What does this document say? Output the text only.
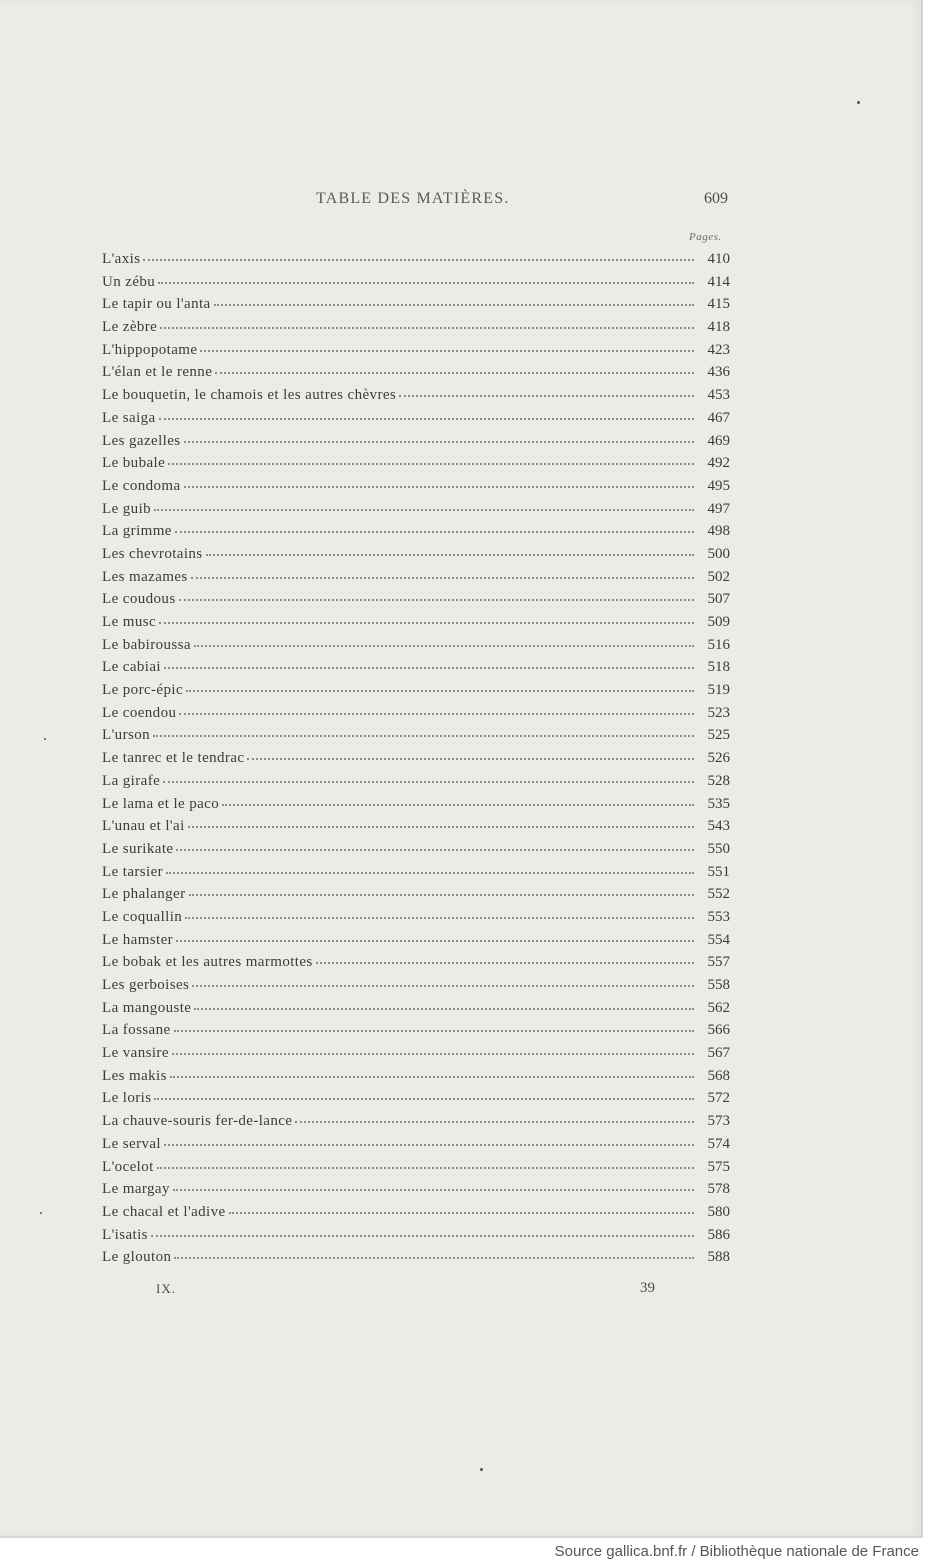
TABLE DES MATIÈRES.	609
Pages.
L'axis	410
Un zébu	414
Le tapir ou l'anta	415
Le zèbre	418
L'hippopotame	423
L'élan et le renne	436
Le bouquetin, le chamois et les autres chèvres	453
Le saiga	467
Les gazelles	469
Le bubale	492
Le condoma	495
Le guib	497
La grimme	498
Les chevrotains	500
Les mazames	502
Le coudous	507
Le musc	509
Le babiroussa	516
Le cabiai	518
Le porc-épic	519
Le coendou	523
L'urson	525
Le tanrec et le tendrac	526
La girafe	528
Le lama et le paco	535
L'unau et l'ai	543
Le surikate	550
Le tarsier	551
Le phalanger	552
Le coquallin	553
Le hamster	554
Le bobak et les autres marmottes	557
Les gerboises	558
La mangouste	562
La fossane	566
Le vansire	567
Les makis	568
Le loris	572
La chauve-souris fer-de-lance	573
Le serval	574
L'ocelot	575
Le margay	578
Le chacal et l'adive	580
L'isatis	586
Le glouton	588
IX.	39
Source gallica.bnf.fr / Bibliothèque nationale de France
